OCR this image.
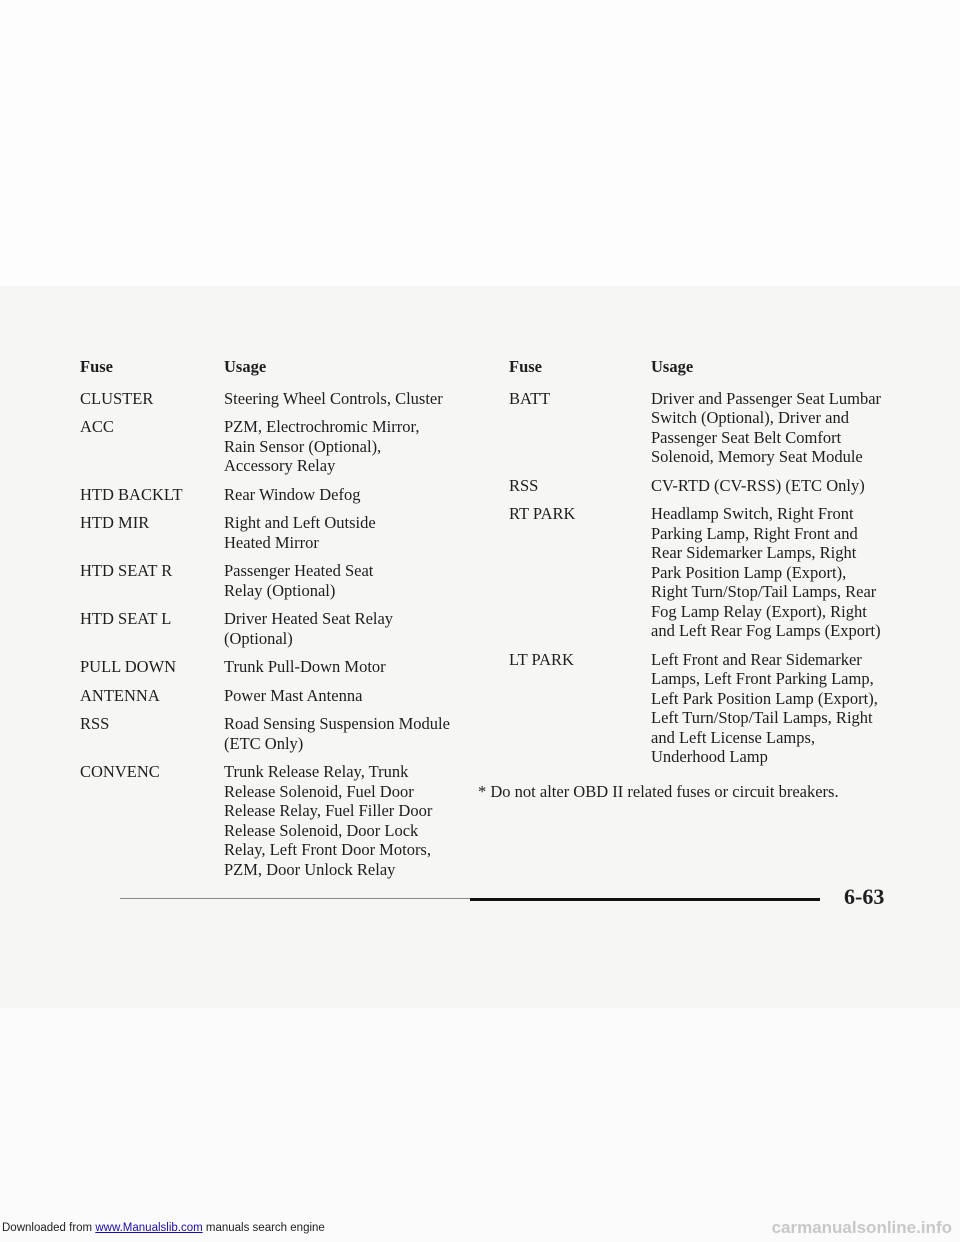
Fuse	Usage
CLUSTER	Steering Wheel Controls, Cluster
ACC	PZM, Electrochromic Mirror,
Rain Sensor (Optional),
Accessory Relay
HTD BACKLT	Rear Window Defog
HTD MIR	Right and Left Outside
Heated Mirror
HTD SEAT R	Passenger Heated Seat
Relay (Optional)
HTD SEAT L	Driver Heated Seat Relay
(Optional)
PULL DOWN	Trunk Pull-Down Motor
ANTENNA	Power Mast Antenna
RSS	Road Sensing Suspension Module
(ETC Only)
CONVENC	Trunk Release Relay, Trunk
Release Solenoid, Fuel Door
Release Relay, Fuel Filler Door
Release Solenoid, Door Lock
Relay, Left Front Door Motors,
PZM, Door Unlock Relay
Fuse	Usage
BATT	Driver and Passenger Seat Lumbar
Switch (Optional), Driver and
Passenger Seat Belt Comfort
Solenoid, Memory Seat Module
RSS	CV-RTD (CV-RSS) (ETC Only)
RT PARK	Headlamp Switch, Right Front
Parking Lamp, Right Front and
Rear Sidemarker Lamps, Right
Park Position Lamp (Export),
Right Turn/Stop/Tail Lamps, Rear
Fog Lamp Relay (Export), Right
and Left Rear Fog Lamps (Export)
LT PARK	Left Front and Rear Sidemarker
Lamps, Left Front Parking Lamp,
Left Park Position Lamp (Export),
Left Turn/Stop/Tail Lamps, Right
and Left License Lamps,
Underhood Lamp
* Do not alter OBD II related fuses or circuit breakers.
6-63
Downloaded from www.Manualslib.com manuals search engine	carmanualsonline.info
